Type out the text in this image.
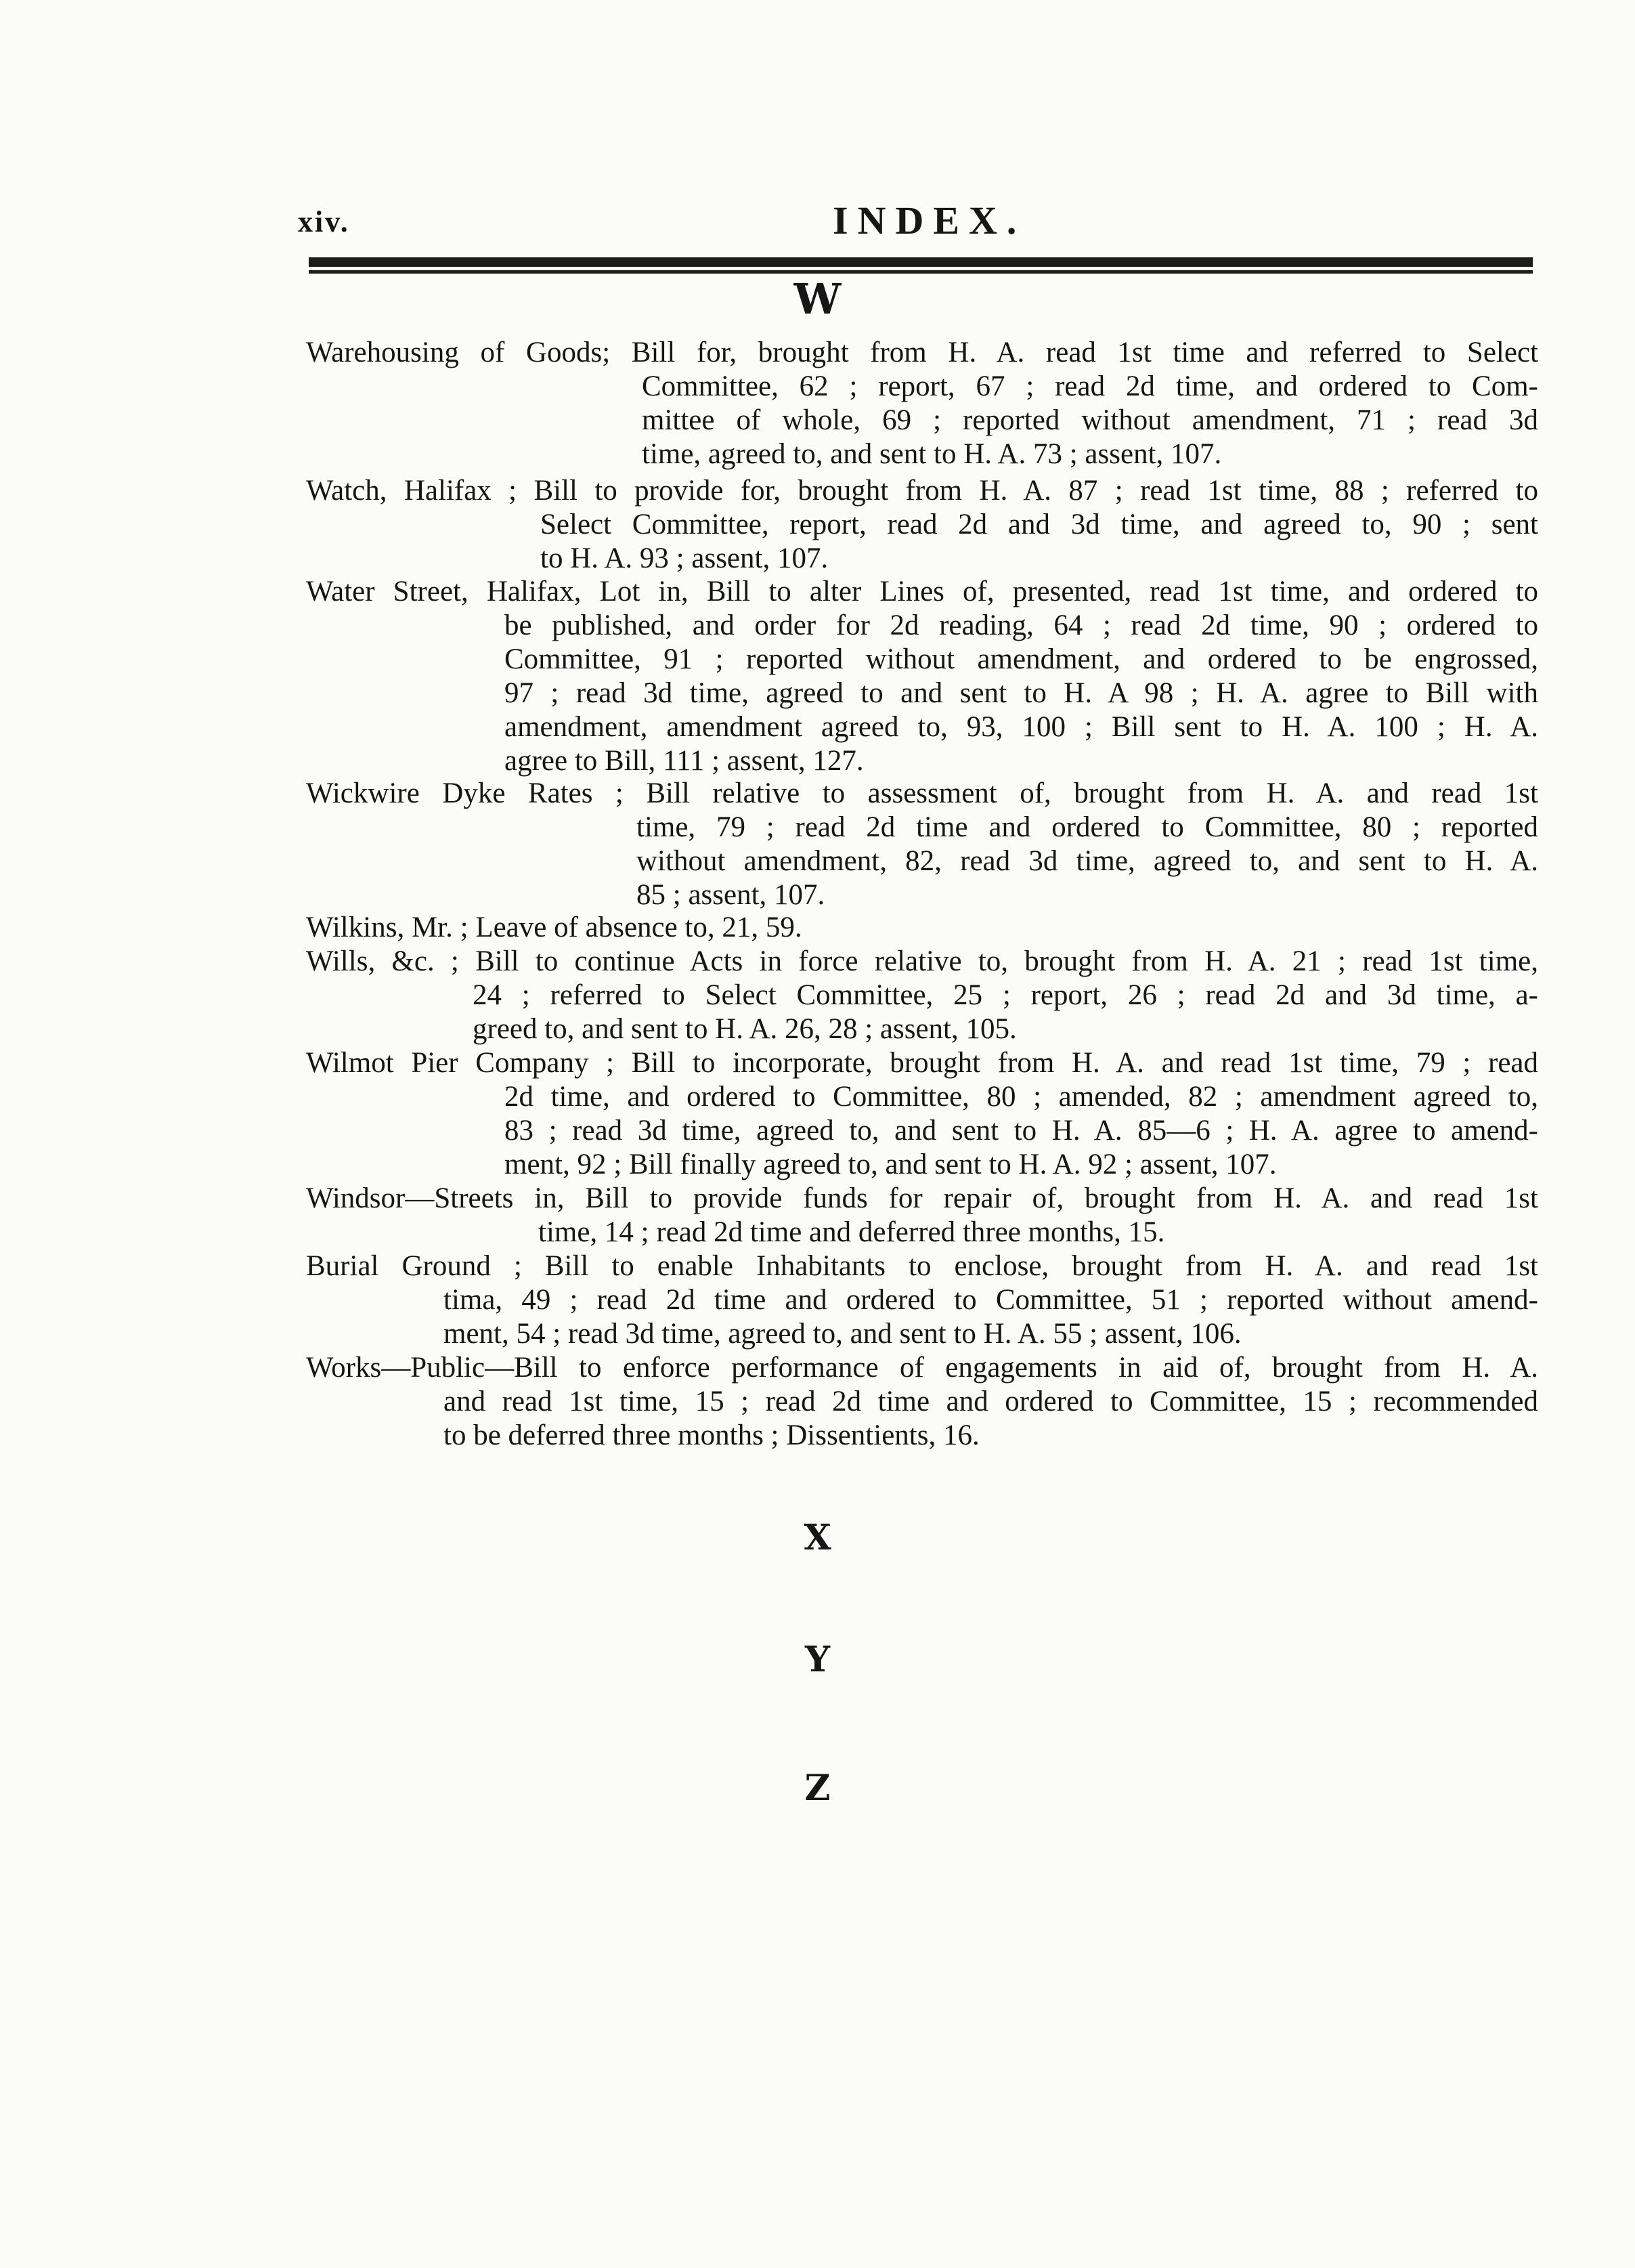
xiv.	INDEX.
W
Warehousing of Goods; Bill for, brought from H. A. read 1st time and referred to Select
Committee, 62 ; report, 67 ; read 2d time, and ordered to Com-
mittee of whole, 69 ; reported without amendment, 71 ; read 3d
time, agreed to, and sent to H. A. 73 ; assent, 107.
Watch, Halifax ; Bill to provide for, brought from H. A. 87 ; read 1st time, 88 ; referred to
Select Committee, report, read 2d and 3d time, and agreed to, 90 ; sent
to H. A. 93 ; assent, 107.
Water Street, Halifax, Lot in, Bill to alter Lines of, presented, read 1st time, and ordered to
be published, and order for 2d reading, 64 ; read 2d time, 90 ; ordered to
Committee, 91 ; reported without amendment, and ordered to be engrossed,
97 ; read 3d time, agreed to and sent to H. A 98 ; H. A. agree to Bill with
amendment, amendment agreed to, 93, 100 ; Bill sent to H. A. 100 ; H. A.
agree to Bill, 111 ; assent, 127.
Wickwire Dyke Rates ; Bill relative to assessment of, brought from H. A. and read 1st
time, 79 ; read 2d time and ordered to Committee, 80 ; reported
without amendment, 82, read 3d time, agreed to, and sent to H. A.
85 ; assent, 107.
Wilkins, Mr. ; Leave of absence to, 21, 59.
Wills, &c. ; Bill to continue Acts in force relative to, brought from H. A. 21 ; read 1st time,
24 ; referred to Select Committee, 25 ; report, 26 ; read 2d and 3d time, a-
greed to, and sent to H. A. 26, 28 ; assent, 105.
Wilmot Pier Company ; Bill to incorporate, brought from H. A. and read 1st time, 79 ; read
2d time, and ordered to Committee, 80 ; amended, 82 ; amendment agreed to,
83 ; read 3d time, agreed to, and sent to H. A. 85—6 ; H. A. agree to amend-
ment, 92 ; Bill finally agreed to, and sent to H. A. 92 ; assent, 107.
Windsor—Streets in, Bill to provide funds for repair of, brought from H. A. and read 1st
time, 14 ; read 2d time and deferred three months, 15.
Burial Ground ; Bill to enable Inhabitants to enclose, brought from H. A. and read 1st
tima, 49 ; read 2d time and ordered to Committee, 51 ; reported without amend-
ment, 54 ; read 3d time, agreed to, and sent to H. A. 55 ; assent, 106.
Works—Public—Bill to enforce performance of engagements in aid of, brought from H. A.
and read 1st time, 15 ; read 2d time and ordered to Committee, 15 ; recommended
to be deferred three months ; Dissentients, 16.
X
Y
Z
